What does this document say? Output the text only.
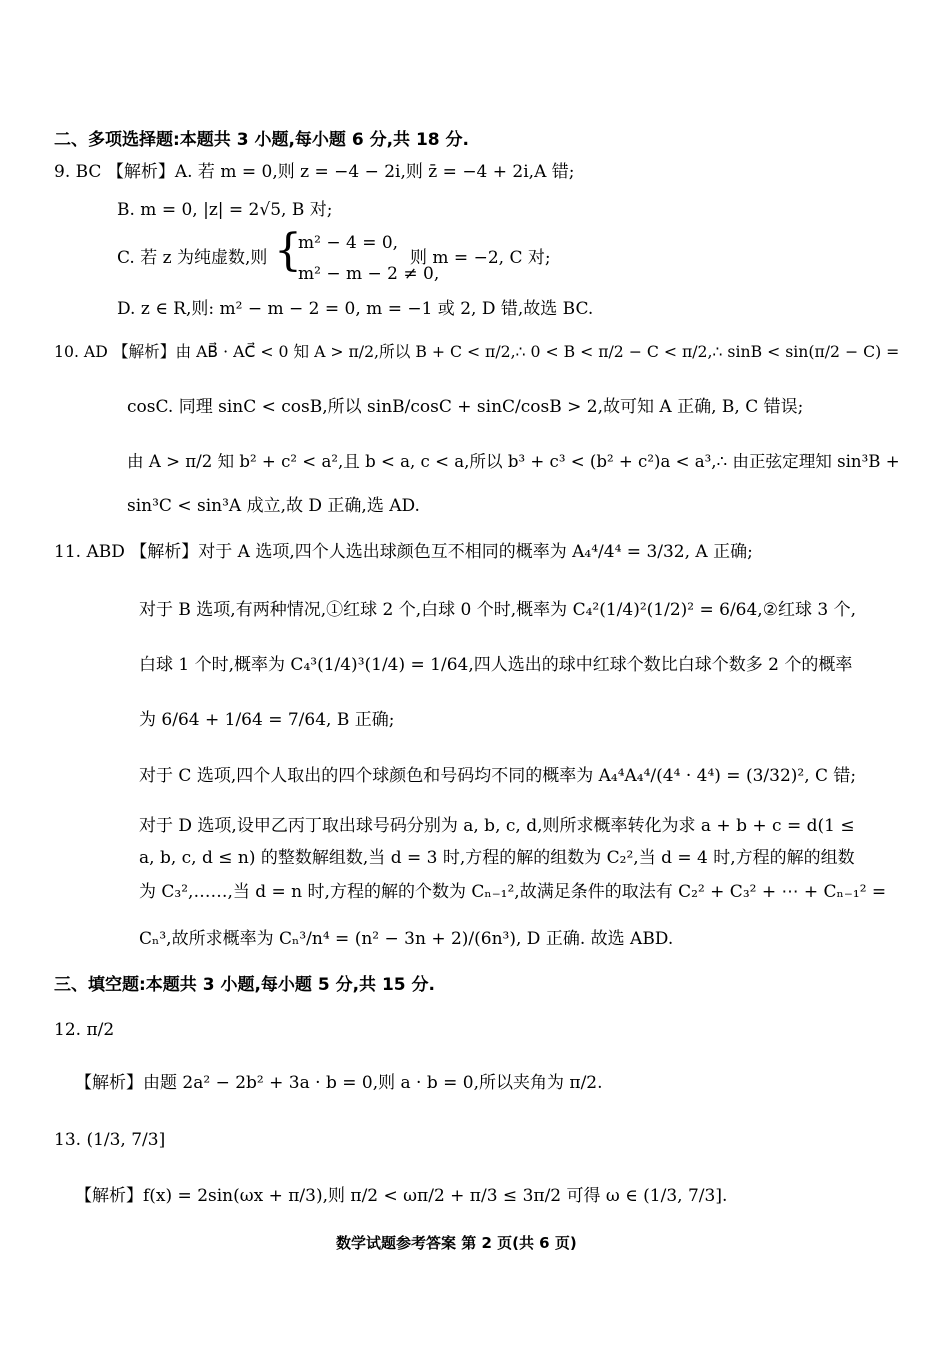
二、多项选择题:本题共 3 小题,每小题 6 分,共 18 分.
9. BC 【解析】A. 若 m = 0,则 z = −4 − 2i,则 z̄ = −4 + 2i,A 错;
B. m = 0, |z| = 2√5, B 对;
C. 若 z 为纯虚数,则 {
m² − 4 = 0,
m² − m − 2 ≠ 0,
则 m = −2, C 对;
D. z ∈ R,则: m² − m − 2 = 0, m = −1 或 2, D 错,故选 BC.
10. AD 【解析】由 AB⃗ · AC⃗ < 0 知 A > π/2,所以 B + C < π/2,∴ 0 < B < π/2 − C < π/2,∴ sinB < sin(π/2 − C) =
cosC. 同理 sinC < cosB,所以 sinB/cosC + sinC/cosB > 2,故可知 A 正确, B, C 错误;
由 A > π/2 知 b² + c² < a²,且 b < a, c < a,所以 b³ + c³ < (b² + c²)a < a³,∴ 由正弦定理知 sin³B +
sin³C < sin³A 成立,故 D 正确,选 AD.
11. ABD 【解析】对于 A 选项,四个人选出球颜色互不相同的概率为 A₄⁴/4⁴ = 3/32, A 正确;
对于 B 选项,有两种情况,①红球 2 个,白球 0 个时,概率为 C₄²(1/4)²(1/2)² = 6/64,②红球 3 个,
白球 1 个时,概率为 C₄³(1/4)³(1/4) = 1/64,四人选出的球中红球个数比白球个数多 2 个的概率
为 6/64 + 1/64 = 7/64, B 正确;
对于 C 选项,四个人取出的四个球颜色和号码均不同的概率为 A₄⁴A₄⁴/(4⁴ · 4⁴) = (3/32)², C 错;
对于 D 选项,设甲乙丙丁取出球号码分别为 a, b, c, d,则所求概率转化为求 a + b + c = d(1 ≤
a, b, c, d ≤ n) 的整数解组数,当 d = 3 时,方程的解的组数为 C₂²,当 d = 4 时,方程的解的组数
为 C₃²,……,当 d = n 时,方程的解的个数为 Cₙ₋₁²,故满足条件的取法有 C₂² + C₃² + ⋯ + Cₙ₋₁² =
Cₙ³,故所求概率为 Cₙ³/n⁴ = (n² − 3n + 2)/(6n³), D 正确. 故选 ABD.
三、填空题:本题共 3 小题,每小题 5 分,共 15 分.
12. π/2
【解析】由题 2a² − 2b² + 3a · b = 0,则 a · b = 0,所以夹角为 π/2.
13. (1/3, 7/3]
【解析】f(x) = 2sin(ωx + π/3),则 π/2 < ωπ/2 + π/3 ≤ 3π/2 可得 ω ∈ (1/3, 7/3].
数学试题参考答案 第 2 页(共 6 页)
